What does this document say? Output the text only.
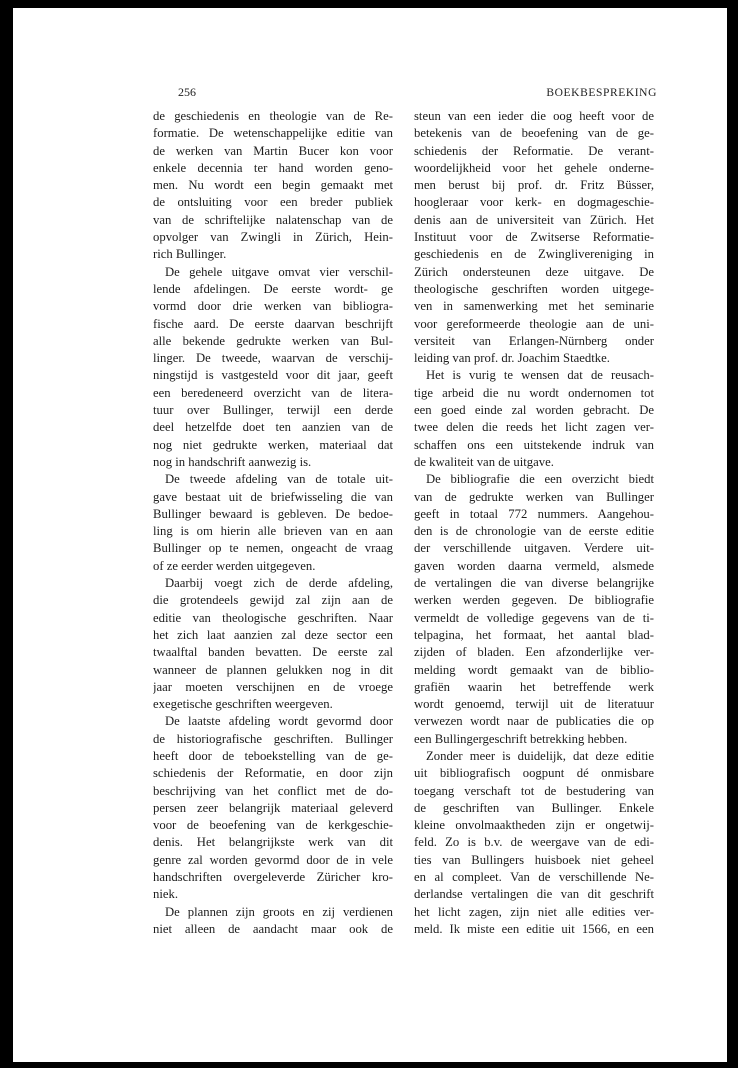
256	BOEKBESPREKING
de geschiedenis en theologie van de Re-
formatie. De wetenschappelijke editie van
de werken van Martin Bucer kon voor
enkele decennia ter hand worden geno-
men. Nu wordt een begin gemaakt met
de ontsluiting voor een breder publiek
van de schriftelijke nalatenschap van de
opvolger van Zwingli in Zürich, Hein-
rich Bullinger.
De gehele uitgave omvat vier verschil-
lende afdelingen. De eerste wordt- ge
vormd door drie werken van bibliogra-
fische aard. De eerste daarvan beschrijft
alle bekende gedrukte werken van Bul-
linger. De tweede, waarvan de verschij-
ningstijd is vastgesteld voor dit jaar, geeft
een beredeneerd overzicht van de litera-
tuur over Bullinger, terwijl een derde
deel hetzelfde doet ten aanzien van de
nog niet gedrukte werken, materiaal dat
nog in handschrift aanwezig is.
De tweede afdeling van de totale uit-
gave bestaat uit de briefwisseling die van
Bullinger bewaard is gebleven. De bedoe-
ling is om hierin alle brieven van en aan
Bullinger op te nemen, ongeacht de vraag
of ze eerder werden uitgegeven.
Daarbij voegt zich de derde afdeling,
die grotendeels gewijd zal zijn aan de
editie van theologische geschriften. Naar
het zich laat aanzien zal deze sector een
twaalftal banden bevatten. De eerste zal
wanneer de plannen gelukken nog in dit
jaar moeten verschijnen en de vroege
exegetische geschriften weergeven.
De laatste afdeling wordt gevormd door
de historiografische geschriften. Bullinger
heeft door de teboekstelling van de ge-
schiedenis der Reformatie, en door zijn
beschrijving van het conflict met de do-
persen zeer belangrijk materiaal geleverd
voor de beoefening van de kerkgeschie-
denis. Het belangrijkste werk van dit
genre zal worden gevormd door de in vele
handschriften overgeleverde Züricher kro-
niek.
De plannen zijn groots en zij verdienen
niet alleen de aandacht maar ook de
steun van een ieder die oog heeft voor de
betekenis van de beoefening van de ge-
schiedenis der Reformatie. De verant-
woordelijkheid voor het gehele onderne-
men berust bij prof. dr. Fritz Büsser,
hoogleraar voor kerk- en dogmageschie-
denis aan de universiteit van Zürich. Het
Instituut voor de Zwitserse Reformatie-
geschiedenis en de Zwinglivereniging in
Zürich ondersteunen deze uitgave. De
theologische geschriften worden uitgege-
ven in samenwerking met het seminarie
voor gereformeerde theologie aan de uni-
versiteit van Erlangen-Nürnberg onder
leiding van prof. dr. Joachim Staedtke.
Het is vurig te wensen dat de reusach-
tige arbeid die nu wordt ondernomen tot
een goed einde zal worden gebracht. De
twee delen die reeds het licht zagen ver-
schaffen ons een uitstekende indruk van
de kwaliteit van de uitgave.
De bibliografie die een overzicht biedt
van de gedrukte werken van Bullinger
geeft in totaal 772 nummers. Aangehou-
den is de chronologie van de eerste editie
der verschillende uitgaven. Verdere uit-
gaven worden daarna vermeld, alsmede
de vertalingen die van diverse belangrijke
werken werden gegeven. De bibliografie
vermeldt de volledige gegevens van de ti-
telpagina, het formaat, het aantal blad-
zijden of bladen. Een afzonderlijke ver-
melding wordt gemaakt van de biblio-
grafiën waarin het betreffende werk
wordt genoemd, terwijl uit de literatuur
verwezen wordt naar de publicaties die op
een Bullingergeschrift betrekking hebben.
Zonder meer is duidelijk, dat deze editie
uit bibliografisch oogpunt dé onmisbare
toegang verschaft tot de bestudering van
de geschriften van Bullinger. Enkele
kleine onvolmaaktheden zijn er ongetwij-
feld. Zo is b.v. de weergave van de edi-
ties van Bullingers huisboek niet geheel
en al compleet. Van de verschillende Ne-
derlandse vertalingen die van dit geschrift
het licht zagen, zijn niet alle edities ver-
meld. Ik miste een editie uit 1566, en een
